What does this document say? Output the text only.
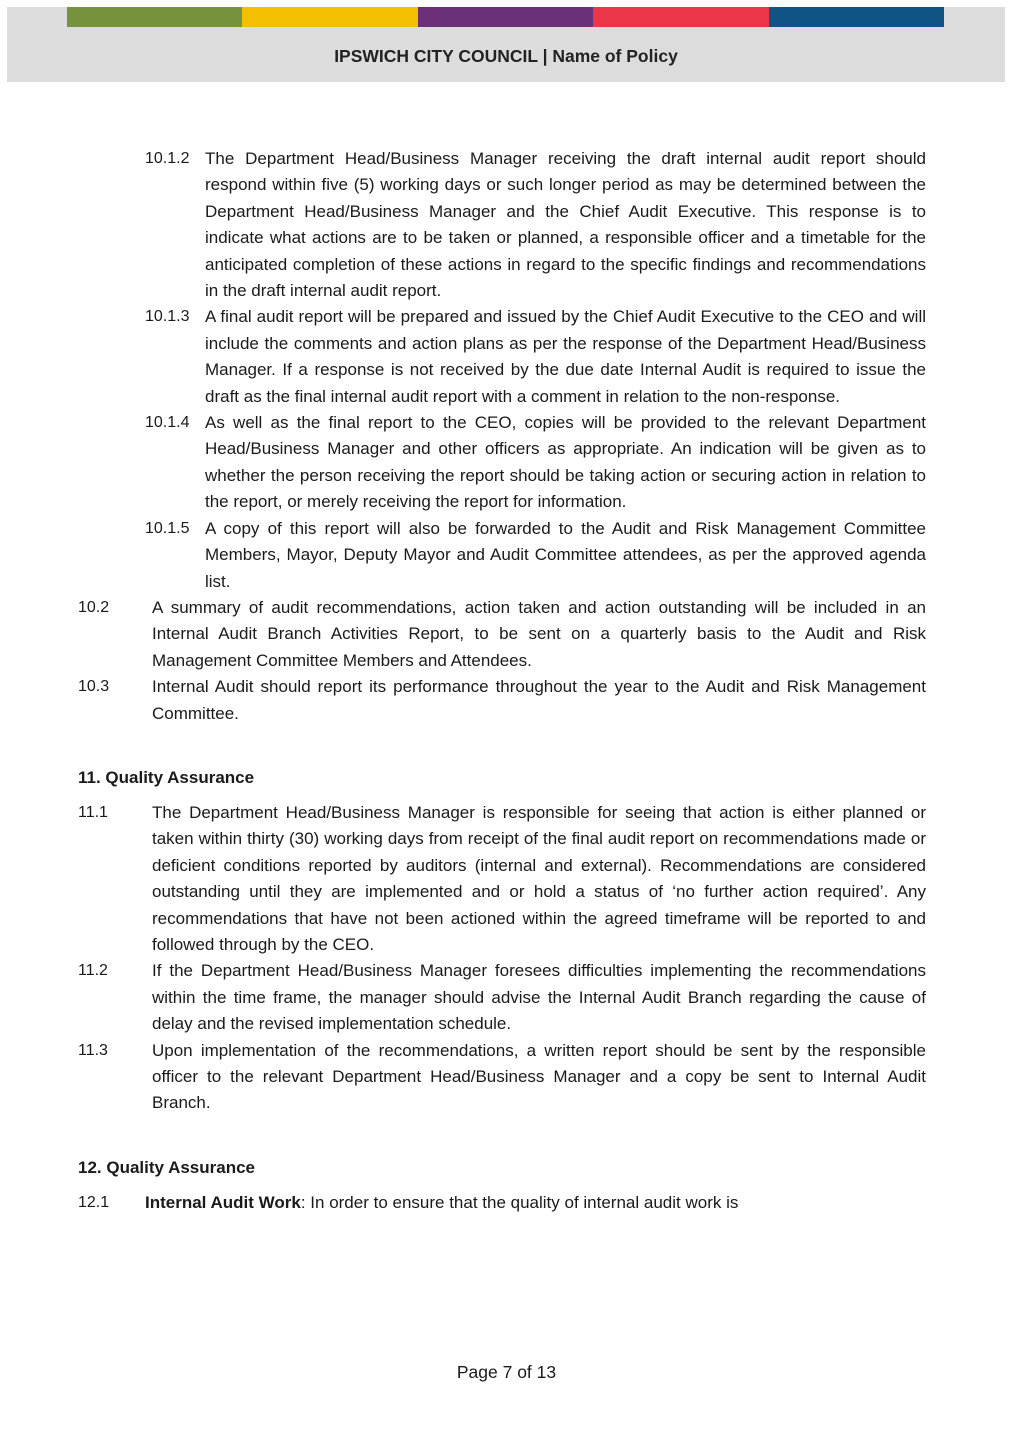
IPSWICH CITY COUNCIL | Name of Policy
10.1.2 The Department Head/Business Manager receiving the draft internal audit report should respond within five (5) working days or such longer period as may be determined between the Department Head/Business Manager and the Chief Audit Executive. This response is to indicate what actions are to be taken or planned, a responsible officer and a timetable for the anticipated completion of these actions in regard to the specific findings and recommendations in the draft internal audit report.
10.1.3 A final audit report will be prepared and issued by the Chief Audit Executive to the CEO and will include the comments and action plans as per the response of the Department Head/Business Manager. If a response is not received by the due date Internal Audit is required to issue the draft as the final internal audit report with a comment in relation to the non-response.
10.1.4 As well as the final report to the CEO, copies will be provided to the relevant Department Head/Business Manager and other officers as appropriate. An indication will be given as to whether the person receiving the report should be taking action or securing action in relation to the report, or merely receiving the report for information.
10.1.5 A copy of this report will also be forwarded to the Audit and Risk Management Committee Members, Mayor, Deputy Mayor and Audit Committee attendees, as per the approved agenda list.
10.2	A summary of audit recommendations, action taken and action outstanding will be included in an Internal Audit Branch Activities Report, to be sent on a quarterly basis to the Audit and Risk Management Committee Members and Attendees.
10.3	Internal Audit should report its performance throughout the year to the Audit and Risk Management Committee.
11. Quality Assurance
11.1	The Department Head/Business Manager is responsible for seeing that action is either planned or taken within thirty (30) working days from receipt of the final audit report on recommendations made or deficient conditions reported by auditors (internal and external). Recommendations are considered outstanding until they are implemented and or hold a status of ‘no further action required’. Any recommendations that have not been actioned within the agreed timeframe will be reported to and followed through by the CEO.
11.2	If the Department Head/Business Manager foresees difficulties implementing the recommendations within the time frame, the manager should advise the Internal Audit Branch regarding the cause of delay and the revised implementation schedule.
11.3	Upon implementation of the recommendations, a written report should be sent by the responsible officer to the relevant Department Head/Business Manager and a copy be sent to Internal Audit Branch.
12. Quality Assurance
12.1 Internal Audit Work: In order to ensure that the quality of internal audit work is
Page 7 of 13
